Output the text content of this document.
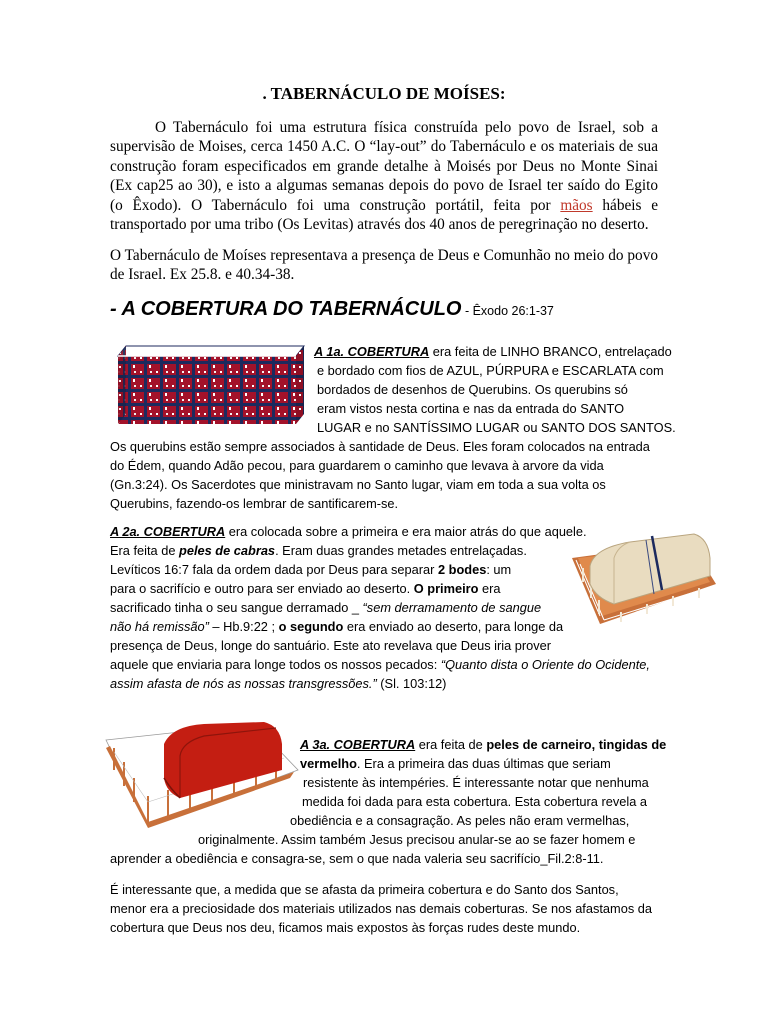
. TABERNÁCULO DE MOÍSES:
O Tabernáculo foi uma estrutura física construída pelo povo de Israel, sob a supervisão de Moises, cerca 1450 A.C. O “lay-out” do Tabernáculo e os materiais de sua construção foram especificados em grande detalhe à Moisés por Deus no Monte Sinai (Ex cap25 ao 30), e isto a algumas semanas depois do povo de Israel ter saído do Egito (o Êxodo). O Tabernáculo foi uma construção portátil, feita por mãos hábeis e transportado por uma tribo (Os Levitas) através dos 40 anos de peregrinação no deserto.
O Tabernáculo de Moíses representava a presença de Deus e Comunhão no meio do povo de Israel. Ex 25.8. e 40.34-38.
- A COBERTURA DO TABERNÁCULO - Êxodo 26:1-37
A 1a. COBERTURA era feita de LINHO BRANCO, entrelaçado
e bordado com fios de AZUL, PÚRPURA e ESCARLATA com
bordados de desenhos de Querubins. Os querubins só
eram vistos nesta cortina e nas da entrada do SANTO
LUGAR e no SANTÍSSIMO LUGAR ou SANTO DOS SANTOS.
Os querubins estão sempre associados à santidade de Deus. Eles foram colocados na entrada
do Édem, quando Adão pecou, para guardarem o caminho que levava à arvore da vida
(Gn.3:24). Os Sacerdotes que ministravam no Santo lugar, viam em toda a sua volta os
Querubins, fazendo-os lembrar de santificarem-se.
A 2a. COBERTURA era colocada sobre a primeira e era maior atrás do que aquele.
Era feita de peles de cabras. Eram duas grandes metades entrelaçadas.
Levíticos 16:7 fala da ordem dada por Deus para separar 2 bodes: um
para o sacrifício e outro para ser enviado ao deserto. O primeiro era
sacrificado tinha o seu sangue derramado _ “sem derramamento de sangue
não há remissão” – Hb.9:22 ; o segundo era enviado ao deserto, para longe da
presença de Deus, longe do santuário. Este ato revelava que Deus iria prover
aquele que enviaria para longe todos os nossos pecados: “Quanto dista o Oriente do Ocidente,
assim afasta de nós as nossas transgressões.” (Sl. 103:12)
A 3a. COBERTURA era feita de peles de carneiro, tingidas de
vermelho. Era a primeira das duas últimas que seriam
resistente às intempéries. É interessante notar que nenhuma
medida foi dada para esta cobertura. Esta cobertura revela a
obediência e a consagração. As peles não eram vermelhas,
originalmente. Assim também Jesus precisou anular-se ao se fazer homem e
aprender a obediência e consagra-se, sem o que nada valeria seu sacrifício_Fil.2:8-11.
É interessante que, a medida que se afasta da primeira cobertura e do Santo dos Santos,
menor era a preciosidade dos materiais utilizados nas demais coberturas. Se nos afastamos da
cobertura que Deus nos deu, ficamos mais expostos às forças rudes deste mundo.
